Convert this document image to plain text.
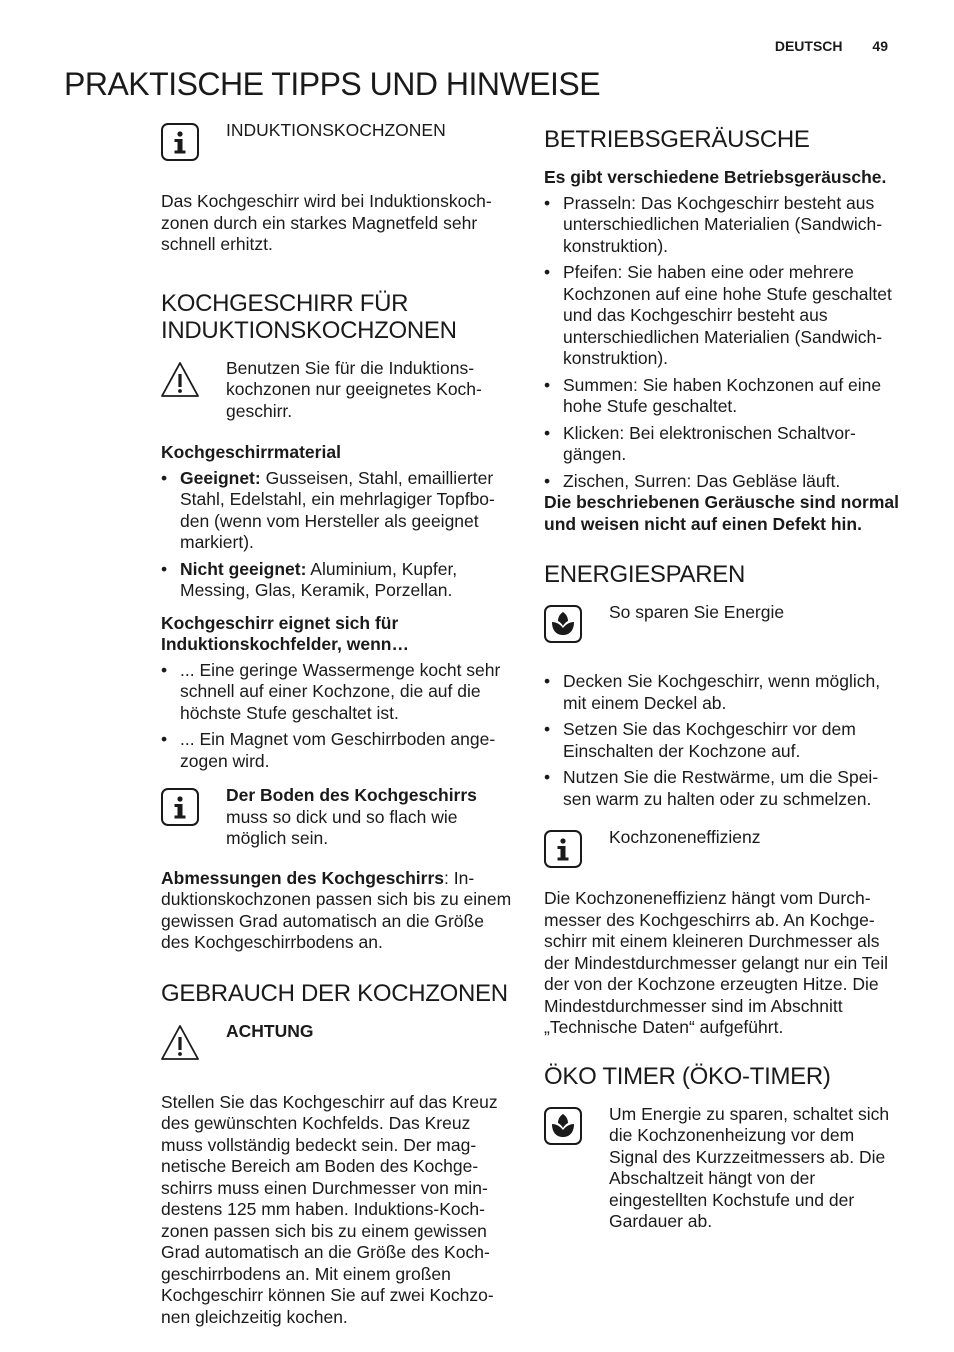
DEUTSCH 49
PRAKTISCHE TIPPS UND HINWEISE
INDUKTIONSKOCHZONEN

Das Kochgeschirr wird bei Induktionskochzonen durch ein starkes Magnetfeld sehr schnell erhitzt.

KOCHGESCHIRR FÜR INDUKTIONSKOCHZONEN
Benutzen Sie für die Induktionskochzonen nur geeignetes Kochgeschirr.

Kochgeschirrmaterial

• Geeignet: Gusseisen, Stahl, emaillierter Stahl, Edelstahl, ein mehrlagiger Topfboden (wenn vom Hersteller als geeignet markiert).
• Nicht geeignet: Aluminium, Kupfer, Messing, Glas, Keramik, Porzellan.

Kochgeschirr eignet sich für Induktionskochfelder, wenn…

• ... Eine geringe Wassermenge kocht sehr schnell auf einer Kochzone, die auf die höchste Stufe geschaltet ist.
• ... Ein Magnet vom Geschirrboden angezogen wird.
Der Boden des Kochgeschirrs muss so dick und so flach wie möglich sein.

Abmessungen des Kochgeschirrs: Induktionskochzonen passen sich bis zu einem gewissen Grad automatisch an die Größe des Kochgeschirrbodens an.

GEBRAUCH DER KOCHZONEN
ACHTUNG

Stellen Sie das Kochgeschirr auf das Kreuz des gewünschten Kochfelds. Das Kreuz muss vollständig bedeckt sein. Der magnetische Bereich am Boden des Kochgeschirrs muss einen Durchmesser von mindestens 125 mm haben. Induktions-Kochzonen passen sich bis zu einem gewissen Grad automatisch an die Größe des Kochgeschirrbodens an. Mit einem großen Kochgeschirr können Sie auf zwei Kochzonen gleichzeitig kochen.

BETRIEBSGERÄUSCHE

Es gibt verschiedene Betriebsgeräusche.

• Prasseln: Das Kochgeschirr besteht aus unterschiedlichen Materialien (Sandwichkonstruktion).
• Pfeifen: Sie haben eine oder mehrere Kochzonen auf eine hohe Stufe geschaltet und das Kochgeschirr besteht aus unterschiedlichen Materialien (Sandwichkonstruktion).
• Summen: Sie haben Kochzonen auf eine hohe Stufe geschaltet.
• Klicken: Bei elektronischen Schaltvorgängen.
• Zischen, Surren: Das Gebläse läuft.

Die beschriebenen Geräusche sind normal und weisen nicht auf einen Defekt hin.

ENERGIESPAREN
So sparen Sie Energie
• Decken Sie Kochgeschirr, wenn möglich, mit einem Deckel ab.
• Setzen Sie das Kochgeschirr vor dem Einschalten der Kochzone auf.
• Nutzen Sie die Restwärme, um die Speisen warm zu halten oder zu schmelzen.
Kochzoneneffizienz

Die Kochzoneneffizienz hängt vom Durchmesser des Kochgeschirrs ab. An Kochgeschirr mit einem kleineren Durchmesser als der Mindestdurchmesser gelangt nur ein Teil der von der Kochzone erzeugten Hitze. Die Mindestdurchmesser sind im Abschnitt „Technische Daten“ aufgeführt.

ÖKO TIMER (ÖKO-TIMER)
Um Energie zu sparen, schaltet sich die Kochzonenheizung vor dem Signal des Kurzzeitmessers ab. Die Abschaltzeit hängt von der eingestellten Kochstufe und der Gardauer ab.
